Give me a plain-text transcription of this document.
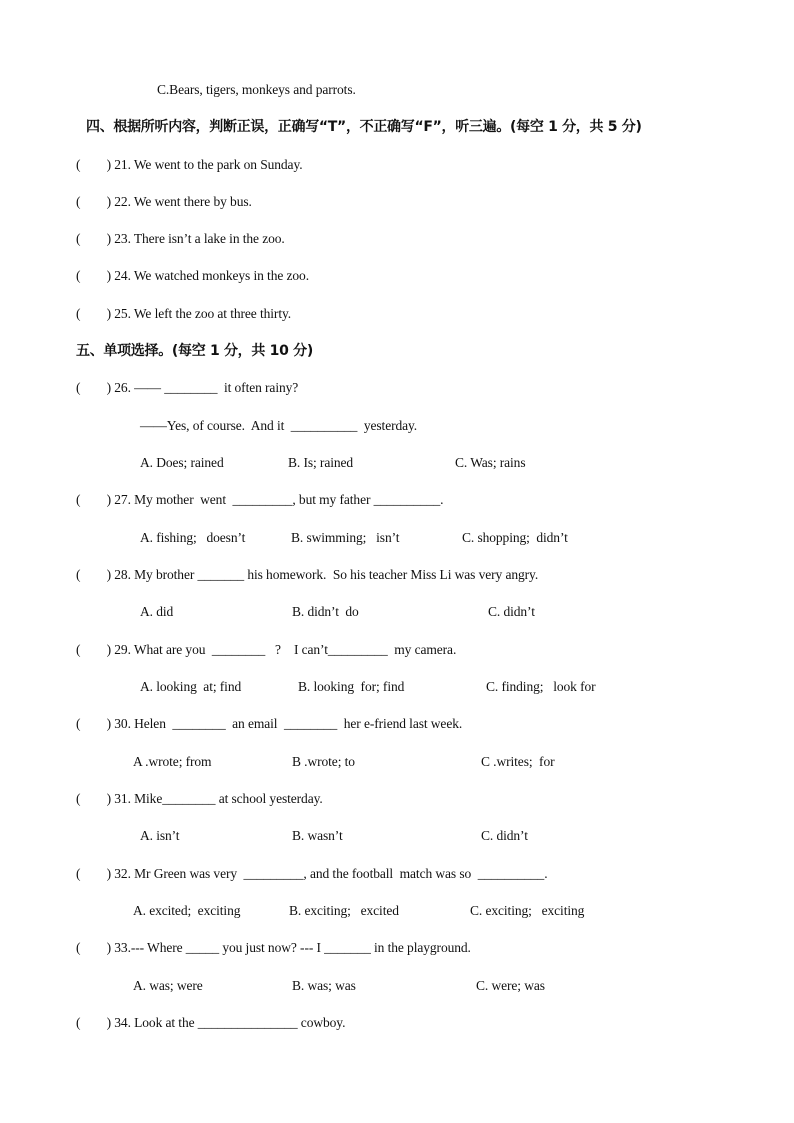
C.Bears, tigers, monkeys and parrots.
四、根据所听内容，判断正误，正确写“T”，不正确写“F”，听三遍。(每空 1 分，共 5 分)
(        ) 21. We went to the park on Sunday.
(        ) 22. We went there by bus.
(        ) 23. There isn’t a lake in the zoo.
(        ) 24. We watched monkeys in the zoo.
(        ) 25. We left the zoo at three thirty.
五、单项选择。(每空 1 分，共 10 分)
(        ) 26. —— ________  it often rainy?
——Yes, of course.  And it  __________  yesterday.
A. Does; rained	B. Is; rained	C. Was; rains
(        ) 27. My mother  went  _________, but my father __________.
A. fishing;   doesn’t	B. swimming;   isn’t	C. shopping;  didn’t
(        ) 28. My brother _______ his homework.  So his teacher Miss Li was very angry.
A. did	B. didn’t  do	C. didn’t
(        ) 29. What are you  ________   ?    I can’t_________  my camera.
A. looking  at; find	B. looking  for; find	C. finding;   look for
(        ) 30. Helen  ________  an email  ________  her e-friend last week.
A .wrote; from	B .wrote; to	C .writes;  for
(        ) 31. Mike________ at school yesterday.
A. isn’t	B. wasn’t	C. didn’t
(        ) 32. Mr Green was very  _________, and the football  match was so  __________.
A. excited;  exciting	B. exciting;   excited	C. exciting;   exciting
(        ) 33.--- Where _____ you just now? --- I _______ in the playground.
A. was; were	B. was; was	C. were; was
(        ) 34. Look at the _______________ cowboy.
